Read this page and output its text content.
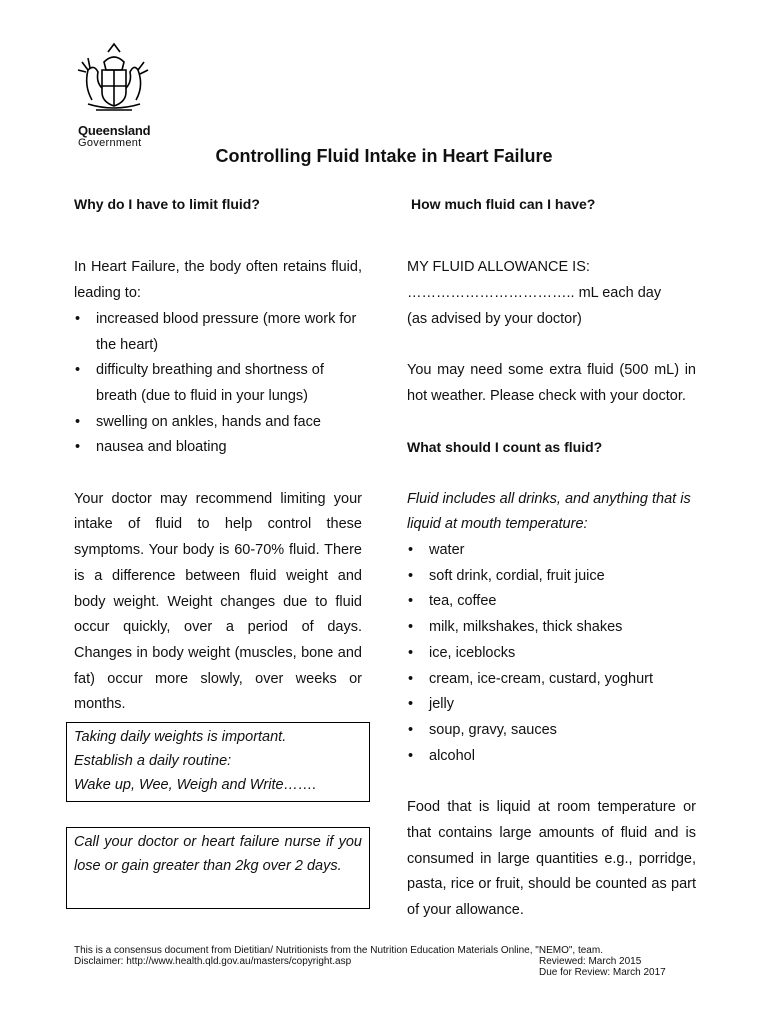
Queensland
Government
Controlling Fluid Intake in Heart Failure

Why do I have to limit fluid?

In Heart Failure, the body often retains fluid, leading to:

• increased blood pressure (more work for the heart)
• difficulty breathing and shortness of breath (due to fluid in your lungs)
• swelling on ankles, hands and face
• nausea and bloating

Your doctor may recommend limiting your intake of fluid to help control these symptoms. Your body is 60-70% fluid. There is a difference between fluid weight and body weight. Weight changes due to fluid occur quickly, over a period of days. Changes in body weight (muscles, bone and fat) occur more slowly, over weeks or months.

Taking daily weights is important.
Establish a daily routine:
Wake up, Wee, Weigh and Write…….
Call your doctor or heart failure nurse if you lose or gain greater than 2kg over 2 days.

How much fluid can I have?

MY FLUID ALLOWANCE IS:

…………………………….. mL each day

(as advised by your doctor)

You may need some extra fluid (500 mL) in hot weather. Please check with your doctor.

What should I count as fluid?

Fluid includes all drinks, and anything that is liquid at mouth temperature:

• water
• soft drink, cordial, fruit juice
• tea, coffee
• milk, milkshakes, thick shakes
• ice, iceblocks
• cream, ice-cream, custard, yoghurt
• jelly
• soup, gravy, sauces
• alcohol

Food that is liquid at room temperature or that contains large amounts of fluid and is consumed in large quantities e.g., porridge, pasta, rice or fruit, should be counted as part of your allowance.

This is a consensus document from Dietitian/ Nutritionists from the Nutrition Education Materials Online, "NEMO", team.
Disclaimer: http://www.health.qld.gov.au/masters/copyright.asp	Reviewed: March 2015
Due for Review: March 2017
